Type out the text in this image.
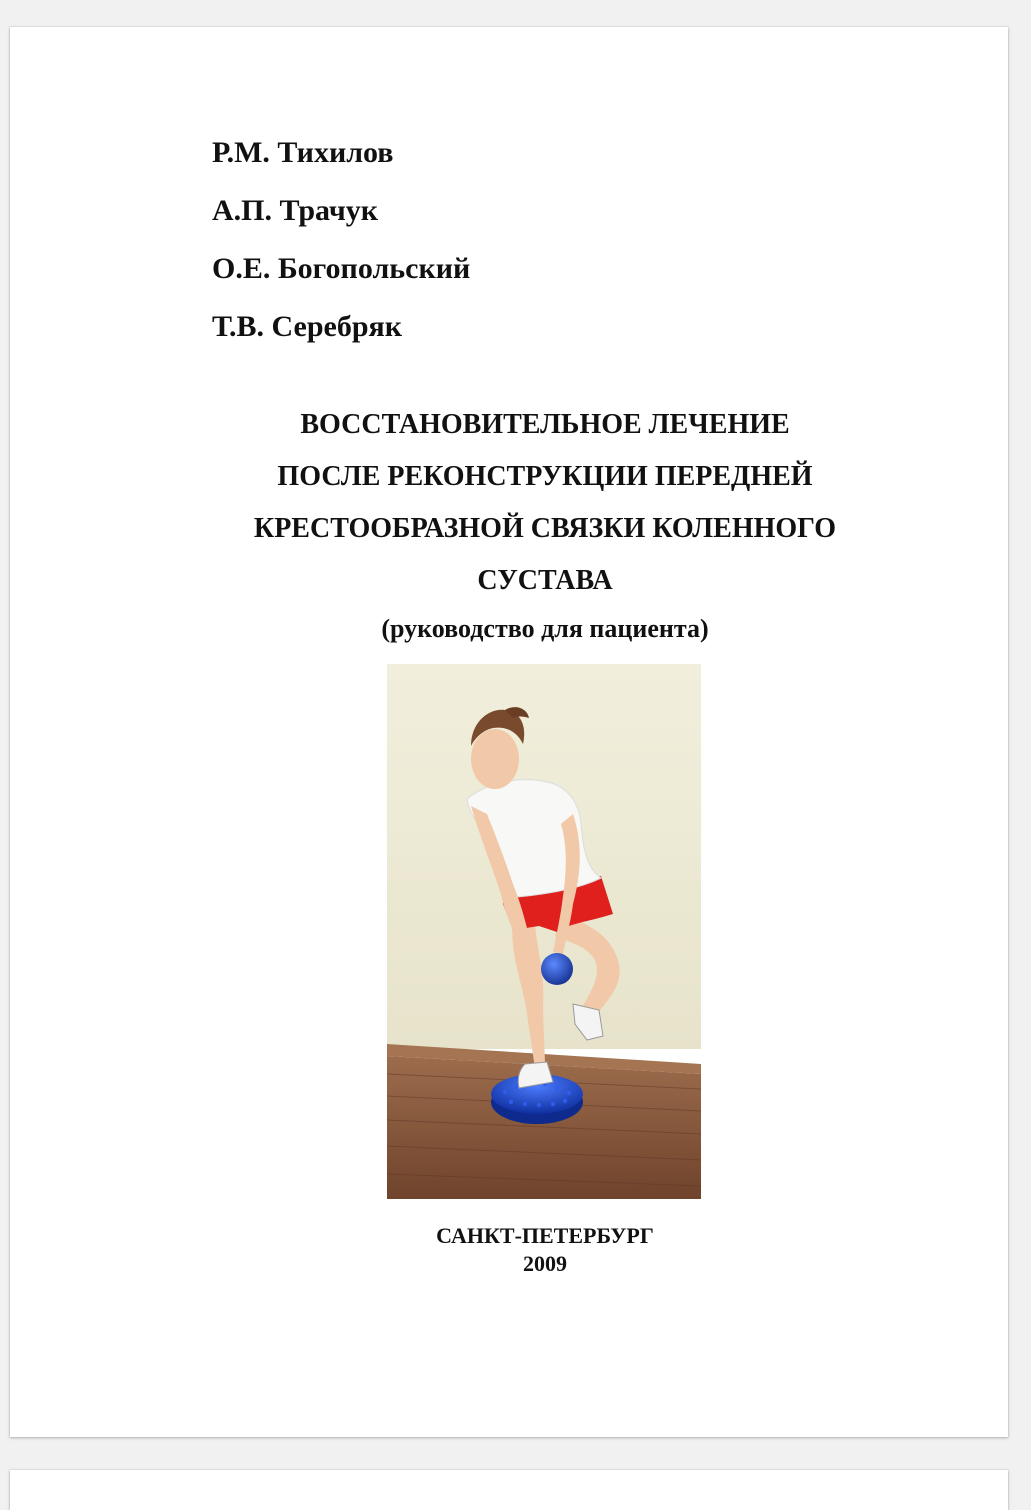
Р.М. Тихилов
А.П. Трачук
О.Е. Богопольский
Т.В. Серебряк
ВОССТАНОВИТЕЛЬНОЕ ЛЕЧЕНИЕ
ПОСЛЕ РЕКОНСТРУКЦИИ ПЕРЕДНЕЙ
КРЕСТООБРАЗНОЙ СВЯЗКИ КОЛЕННОГО
СУСТАВА
(руководство для пациента)
САНКТ-ПЕТЕРБУРГ
2009
